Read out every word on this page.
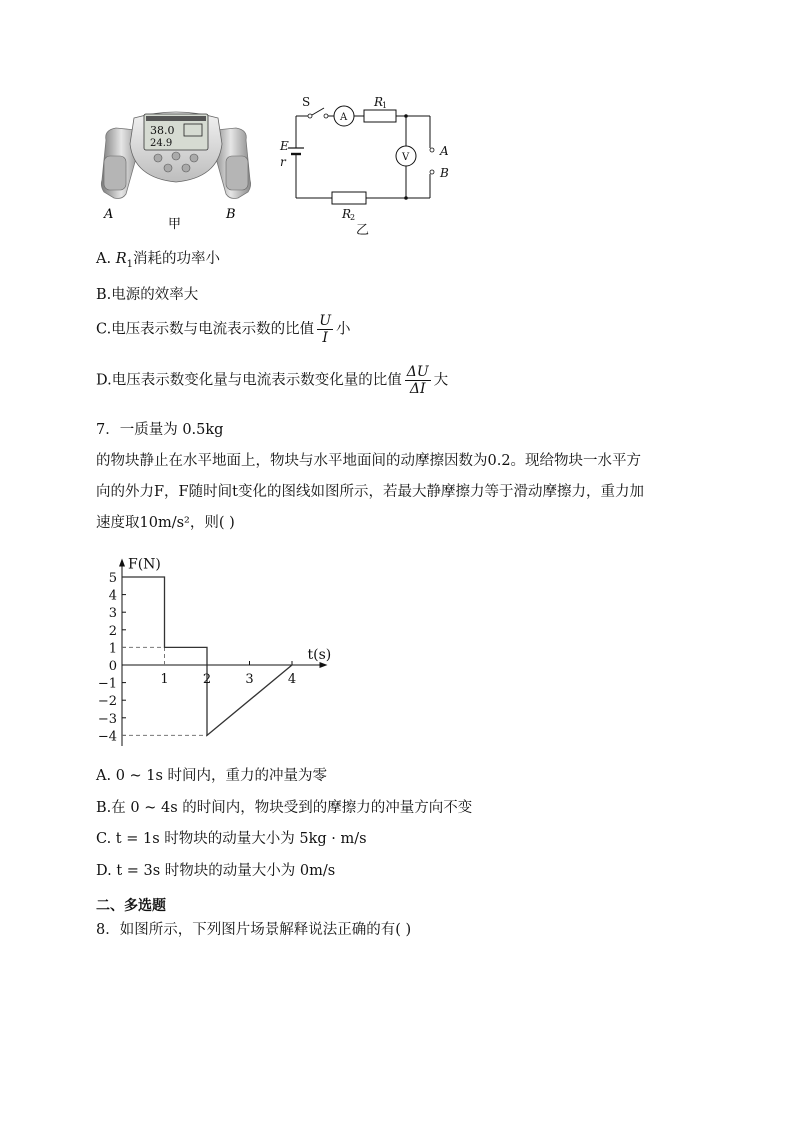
38.0
24.9
A	B
甲
S
A
R
1
V
E
r
R
2
A
B
乙
A. $R_1$消耗的功率小
B.电源的效率大
C.电压表示数与电流表示数的比值 $\frac{U}{I}$ 小
D.电压表示数变化量与电流表示数变化量的比值 $\frac{\Delta U}{\Delta I}$ 大
7．一质量为 0.5kg
的物块静止在水平地面上，物块与水平地面间的动摩擦因数为0.2。现给物块一水平方
向的外力F，F随时间t变化的图线如图所示，若最大静摩擦力等于滑动摩擦力，重力加
速度取10m/s²，则( )
5
4
3
2
1
0
−1
−2
−3
−4
1	2	3	4
F(N)
t(s)
A. 0 ~ 1s 时间内，重力的冲量为零
B.在 0 ~ 4s 的时间内，物块受到的摩擦力的冲量方向不变
C. t = 1s 时物块的动量大小为 5kg · m/s
D. t = 3s 时物块的动量大小为 0m/s
二、多选题
8．如图所示，下列图片场景解释说法正确的有( )
